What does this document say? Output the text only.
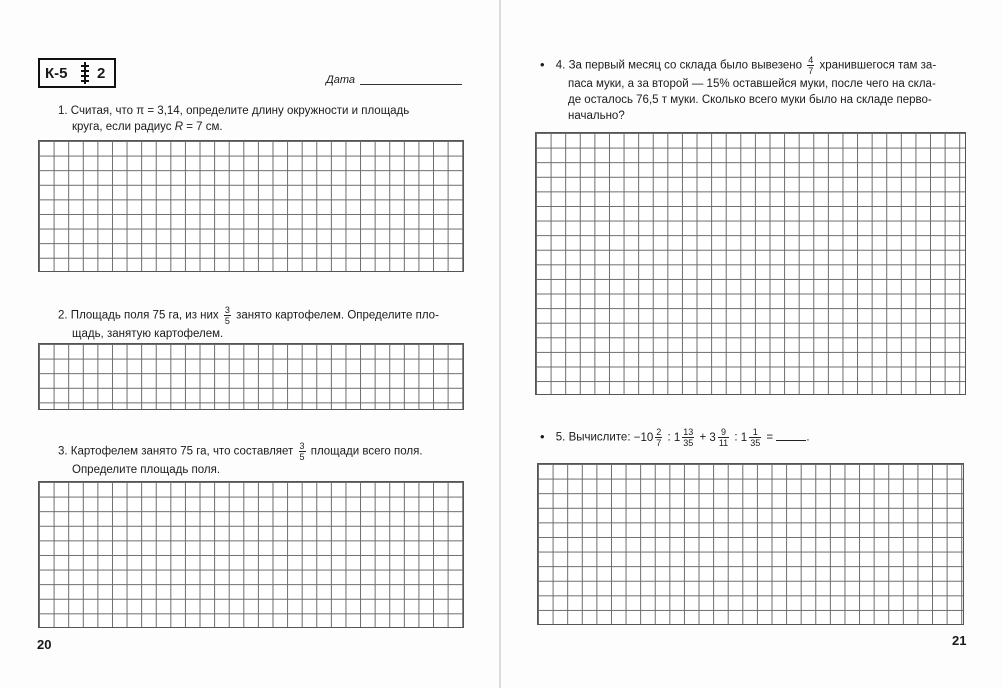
К-5 2	Дата
1. Считая, что π = 3,14, определите длину окружности и площадь
круга, если радиус R = 7 см.
2. Площадь поля 75 га, из них $\frac{3}{5}$ занято картофелем. Определите пло-
щадь, занятую картофелем.
3. Картофелем занято 75 га, что составляет $\frac{3}{5}$ площади всего поля.
Определите площадь поля.
20
• 4. За первый месяц со склада было вывезено $\frac{4}{7}$ хранившегося там за-
паса муки, а за второй — 15% оставшейся муки, после чего на скла-
де осталось 76,5 т муки. Сколько всего муки было на складе перво-
начально?
• 5. Вычислите: $-10 \frac{2}{7}$ : $1 \frac{13}{35} + 3 \frac{9}{11}$ : $1 \frac{1}{35}$ =	.
21
